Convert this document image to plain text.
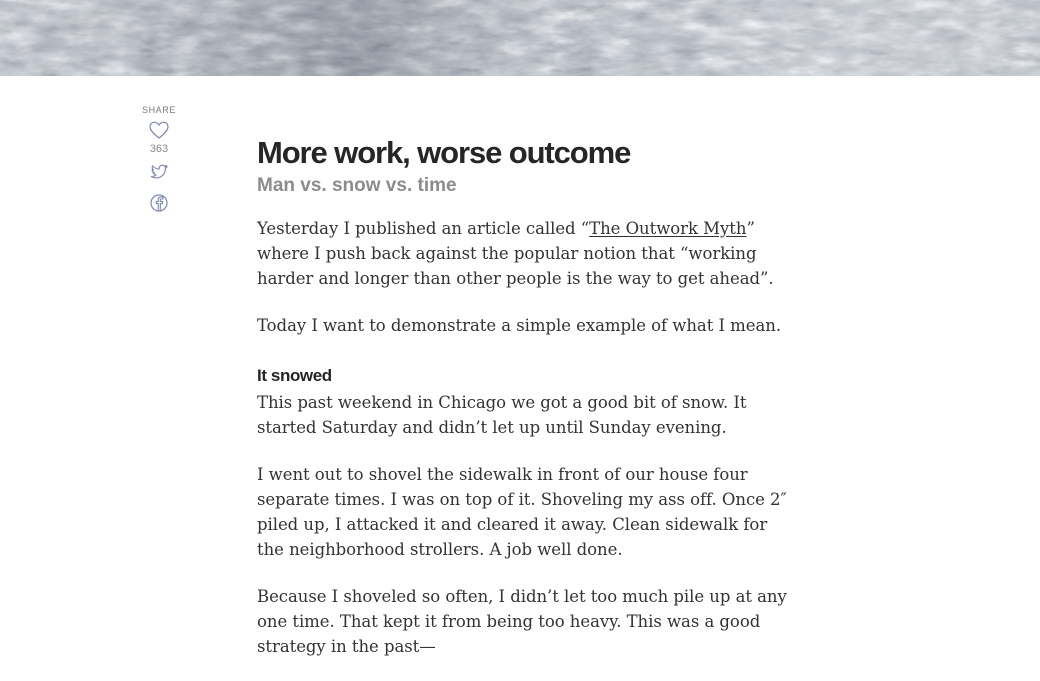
SHARE
363	More work, worse outcome
Man vs. snow vs. time

Yesterday I published an article called “The Outwork Myth” where I push back against the popular notion that “working harder and longer than other people is the way to get ahead”.

Today I want to demonstrate a simple example of what I mean.

It snowed

This past weekend in Chicago we got a good bit of snow. It started Saturday and didn’t let up until Sunday evening.

I went out to shovel the sidewalk in front of our house four separate times. I was on top of it. Shoveling my ass off. Once 2″ piled up, I attacked it and cleared it away. Clean sidewalk for the neighborhood strollers. A job well done.

Because I shoveled so often, I didn’t let too much pile up at any one time. That kept it from being too heavy. This was a good strategy in the past—
